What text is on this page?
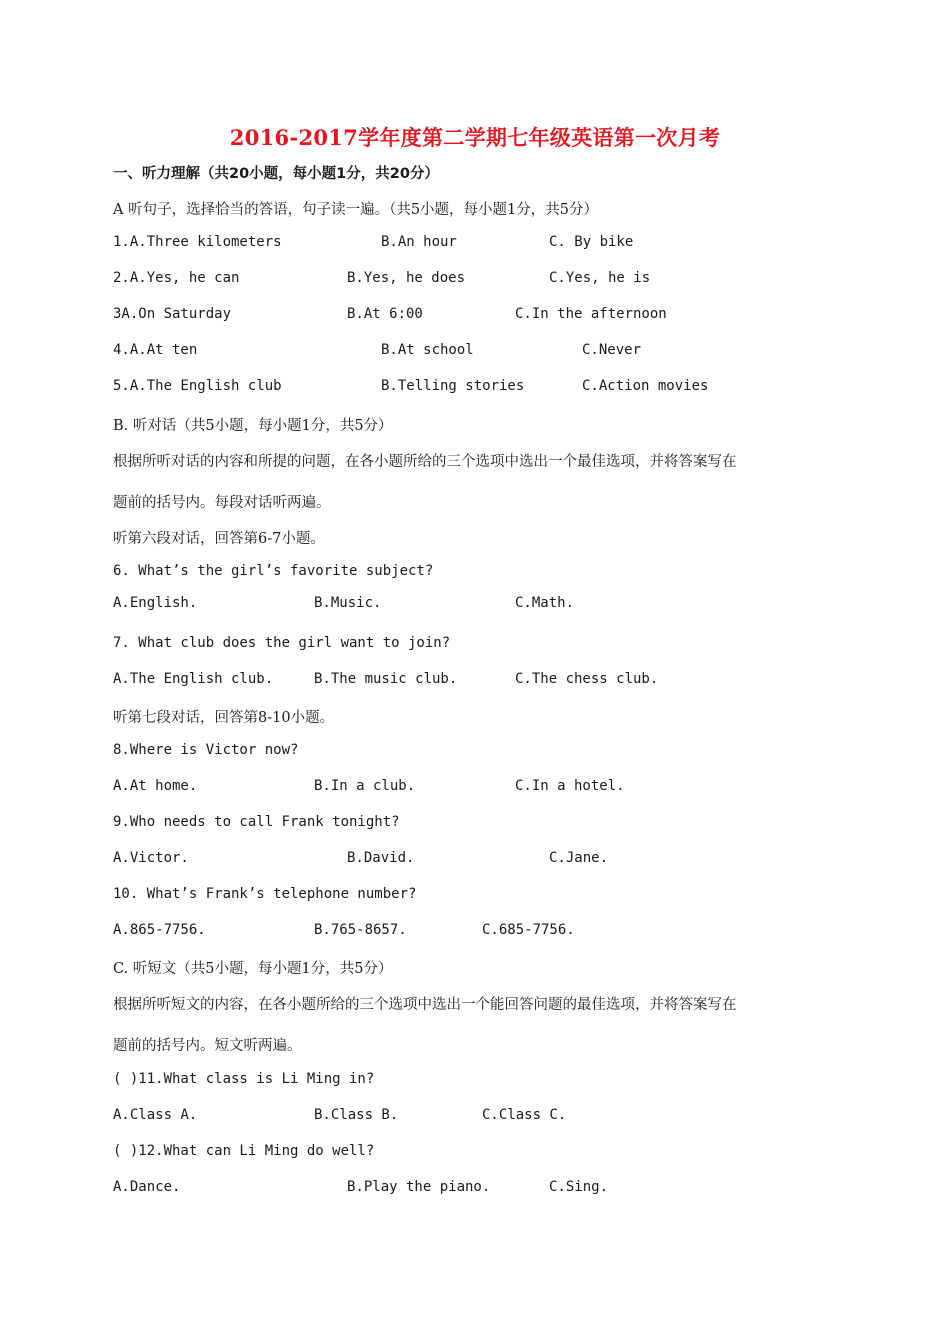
2016-2017学年度第二学期七年级英语第一次月考
一、听力理解（共20小题，每小题1分，共20分）
A 听句子，选择恰当的答语，句子读一遍。（共5小题，每小题1分，共5分）
1.A.Three kilometers	B.An hour	C. By bike
2.A.Yes, he can	B.Yes, he does	C.Yes, he is
3A.On Saturday	B.At 6:00	C.In the afternoon
4.A.At ten	B.At school	C.Never
5.A.The English club	B.Telling stories	C.Action movies
B. 听对话（共5小题，每小题1分，共5分）
根据所听对话的内容和所提的问题，在各小题所给的三个选项中选出一个最佳选项，并将答案写在
题前的括号内。每段对话听两遍。
听第六段对话，回答第6-7小题。
6. What’s the girl’s favorite subject?
A.English.	B.Music.	C.Math.
7. What club does the girl want to join?
A.The English club.	B.The music club.	C.The chess club.
听第七段对话，回答第8-10小题。
8.Where is Victor now?
A.At home.	B.In a club.	C.In a hotel.
9.Who needs to call Frank tonight?
A.Victor.	B.David.	C.Jane.
10. What’s Frank’s telephone number?
A.865-7756.	B.765-8657.	C.685-7756.
C. 听短文（共5小题，每小题1分，共5分）
根据所听短文的内容，在各小题所给的三个选项中选出一个能回答问题的最佳选项，并将答案写在
题前的括号内。短文听两遍。
( )11.What class is Li Ming in?
A.Class A.	B.Class B.	C.Class C.
( )12.What can Li Ming do well?
A.Dance.	B.Play the piano.	C.Sing.
